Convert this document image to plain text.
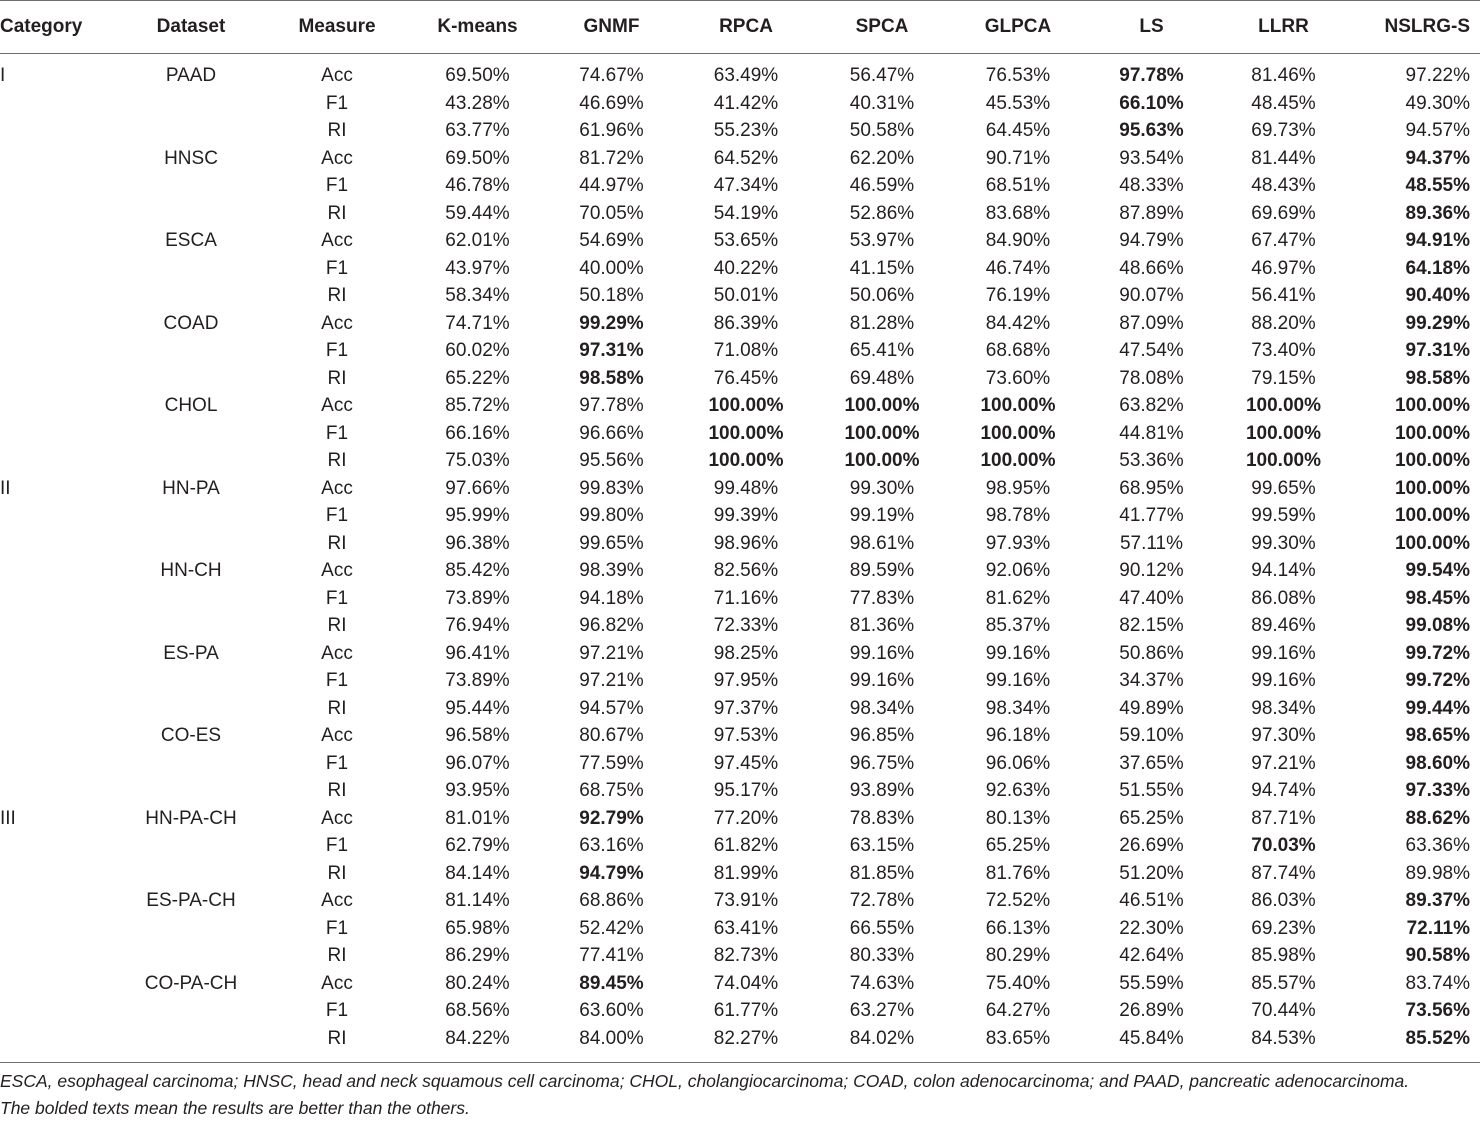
Category	Dataset	Measure	K-means	GNMF	RPCA	SPCA	GLPCA	LS	LLRR	NSLRG-S
I	PAAD	Acc	69.50%	74.67%	63.49%	56.47%	76.53%	97.78%	81.46%	97.22%
		F1	43.28%	46.69%	41.42%	40.31%	45.53%	66.10%	48.45%	49.30%
		RI	63.77%	61.96%	55.23%	50.58%	64.45%	95.63%	69.73%	94.57%
	HNSC	Acc	69.50%	81.72%	64.52%	62.20%	90.71%	93.54%	81.44%	94.37%
		F1	46.78%	44.97%	47.34%	46.59%	68.51%	48.33%	48.43%	48.55%
		RI	59.44%	70.05%	54.19%	52.86%	83.68%	87.89%	69.69%	89.36%
	ESCA	Acc	62.01%	54.69%	53.65%	53.97%	84.90%	94.79%	67.47%	94.91%
		F1	43.97%	40.00%	40.22%	41.15%	46.74%	48.66%	46.97%	64.18%
		RI	58.34%	50.18%	50.01%	50.06%	76.19%	90.07%	56.41%	90.40%
	COAD	Acc	74.71%	99.29%	86.39%	81.28%	84.42%	87.09%	88.20%	99.29%
		F1	60.02%	97.31%	71.08%	65.41%	68.68%	47.54%	73.40%	97.31%
		RI	65.22%	98.58%	76.45%	69.48%	73.60%	78.08%	79.15%	98.58%
	CHOL	Acc	85.72%	97.78%	100.00%	100.00%	100.00%	63.82%	100.00%	100.00%
		F1	66.16%	96.66%	100.00%	100.00%	100.00%	44.81%	100.00%	100.00%
		RI	75.03%	95.56%	100.00%	100.00%	100.00%	53.36%	100.00%	100.00%
II	HN-PA	Acc	97.66%	99.83%	99.48%	99.30%	98.95%	68.95%	99.65%	100.00%
		F1	95.99%	99.80%	99.39%	99.19%	98.78%	41.77%	99.59%	100.00%
		RI	96.38%	99.65%	98.96%	98.61%	97.93%	57.11%	99.30%	100.00%
	HN-CH	Acc	85.42%	98.39%	82.56%	89.59%	92.06%	90.12%	94.14%	99.54%
		F1	73.89%	94.18%	71.16%	77.83%	81.62%	47.40%	86.08%	98.45%
		RI	76.94%	96.82%	72.33%	81.36%	85.37%	82.15%	89.46%	99.08%
	ES-PA	Acc	96.41%	97.21%	98.25%	99.16%	99.16%	50.86%	99.16%	99.72%
		F1	73.89%	97.21%	97.95%	99.16%	99.16%	34.37%	99.16%	99.72%
		RI	95.44%	94.57%	97.37%	98.34%	98.34%	49.89%	98.34%	99.44%
	CO-ES	Acc	96.58%	80.67%	97.53%	96.85%	96.18%	59.10%	97.30%	98.65%
		F1	96.07%	77.59%	97.45%	96.75%	96.06%	37.65%	97.21%	98.60%
		RI	93.95%	68.75%	95.17%	93.89%	92.63%	51.55%	94.74%	97.33%
III	HN-PA-CH	Acc	81.01%	92.79%	77.20%	78.83%	80.13%	65.25%	87.71%	88.62%
		F1	62.79%	63.16%	61.82%	63.15%	65.25%	26.69%	70.03%	63.36%
		RI	84.14%	94.79%	81.99%	81.85%	81.76%	51.20%	87.74%	89.98%
	ES-PA-CH	Acc	81.14%	68.86%	73.91%	72.78%	72.52%	46.51%	86.03%	89.37%
		F1	65.98%	52.42%	63.41%	66.55%	66.13%	22.30%	69.23%	72.11%
		RI	86.29%	77.41%	82.73%	80.33%	80.29%	42.64%	85.98%	90.58%
	CO-PA-CH	Acc	80.24%	89.45%	74.04%	74.63%	75.40%	55.59%	85.57%	83.74%
		F1	68.56%	63.60%	61.77%	63.27%	64.27%	26.89%	70.44%	73.56%
		RI	84.22%	84.00%	82.27%	84.02%	83.65%	45.84%	84.53%	85.52%
ESCA, esophageal carcinoma; HNSC, head and neck squamous cell carcinoma; CHOL, cholangiocarcinoma; COAD, colon adenocarcinoma; and PAAD, pancreatic adenocarcinoma.
The bolded texts mean the results are better than the others.
